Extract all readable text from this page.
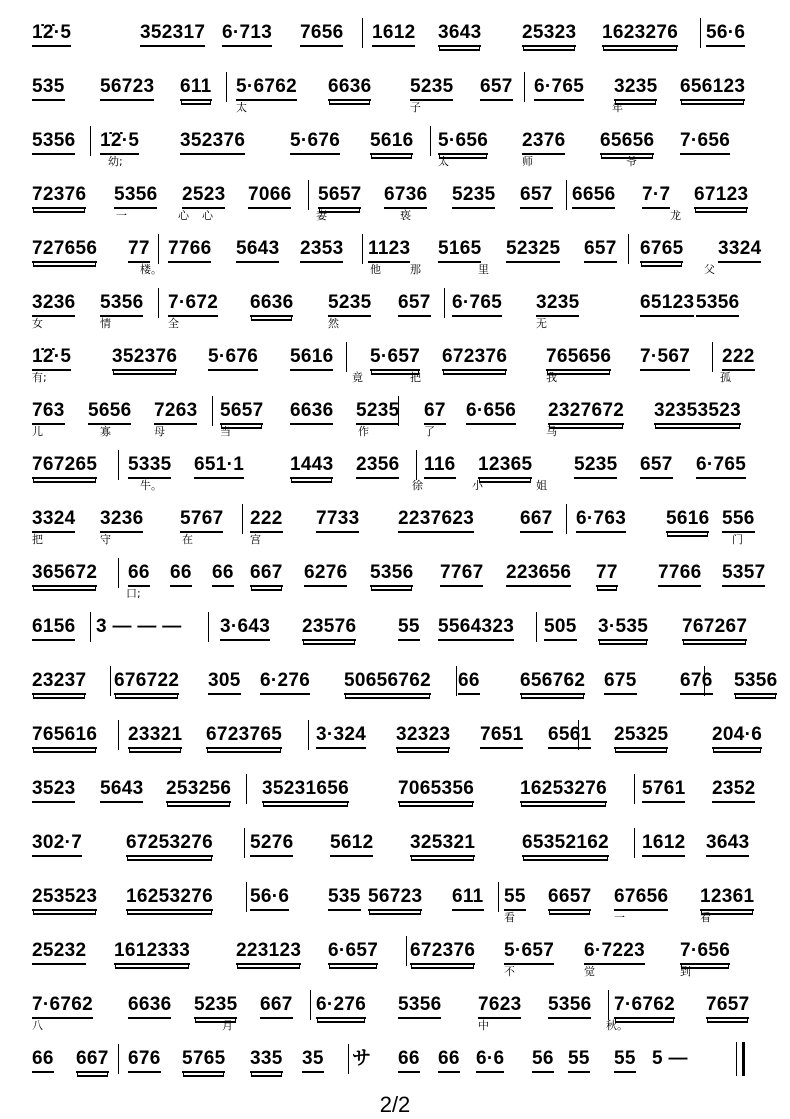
1̇2̇·5	352317 6·713 7656 1612 3643 25323 1623276 56·6
535 56723 611 5·6762 6636 5235 657 6·765 3235 656123
太	子	年
5356 1̇2̇·5 352376 5·676 5616 5·656 2376 65656 7·656
幼;	太	师	爷
72376 5356 2523 7066 5657 6736 5235 657 6656 7·7 67123
一	心 心	妻	亵	龙
727656 77 7766 5643 2353 1123 5165 52325 657 6765 3324
楼。	他	那	里	父
3236 5356 7·672 6636 5235 657 6·765 3235	65123 5356
女	情	全	然	无
1̇2̇·5 352376 5·676 5616 5·657 672376 765656 7·567 222
有;	竟	把	我	孤
763 5656 7263 5657 6636 5235 67 6·656 2327672 32353523
儿	寡	母	当	作	了	马
767265 5335 651·1 1443 2356 116 12365 5235 657 6·765
牛。	徐	小	姐
3324 3236 5767 222 7733 2237623 667 6·763 5616 556
把	守	在	宫	门
365672 66 66 66 667 6276 5356 7767 223656 77 7766 5357
口;
6156 3 — — — 3·643 23576 55 5564323 505 3·535 767267
23237 676722 305 6·276 50656762 66 656762 675 676 5356
765616 23321 6723765 3·324 32323 7651 6561 25325 204·6
3523 5643 253256 35231656	7065356 16253276 5761 2352
302·7 67253276 5276 5612 325321 65352162 1612 3643
253523 16253276 56·6 535 56723 611 55 6657 67656 12361
看	一	看
25232 1612333 223123 6·657 672376 5·657 6·7223 7·656
不	觉	到
7·6762 6636 5235 667 6·276 5356 7623 5356 7·6762 7657
八	月	中	秋。
66 667 676 5765 335 35 サ 66 66 6·6 56 55 55 5 —
2/2
